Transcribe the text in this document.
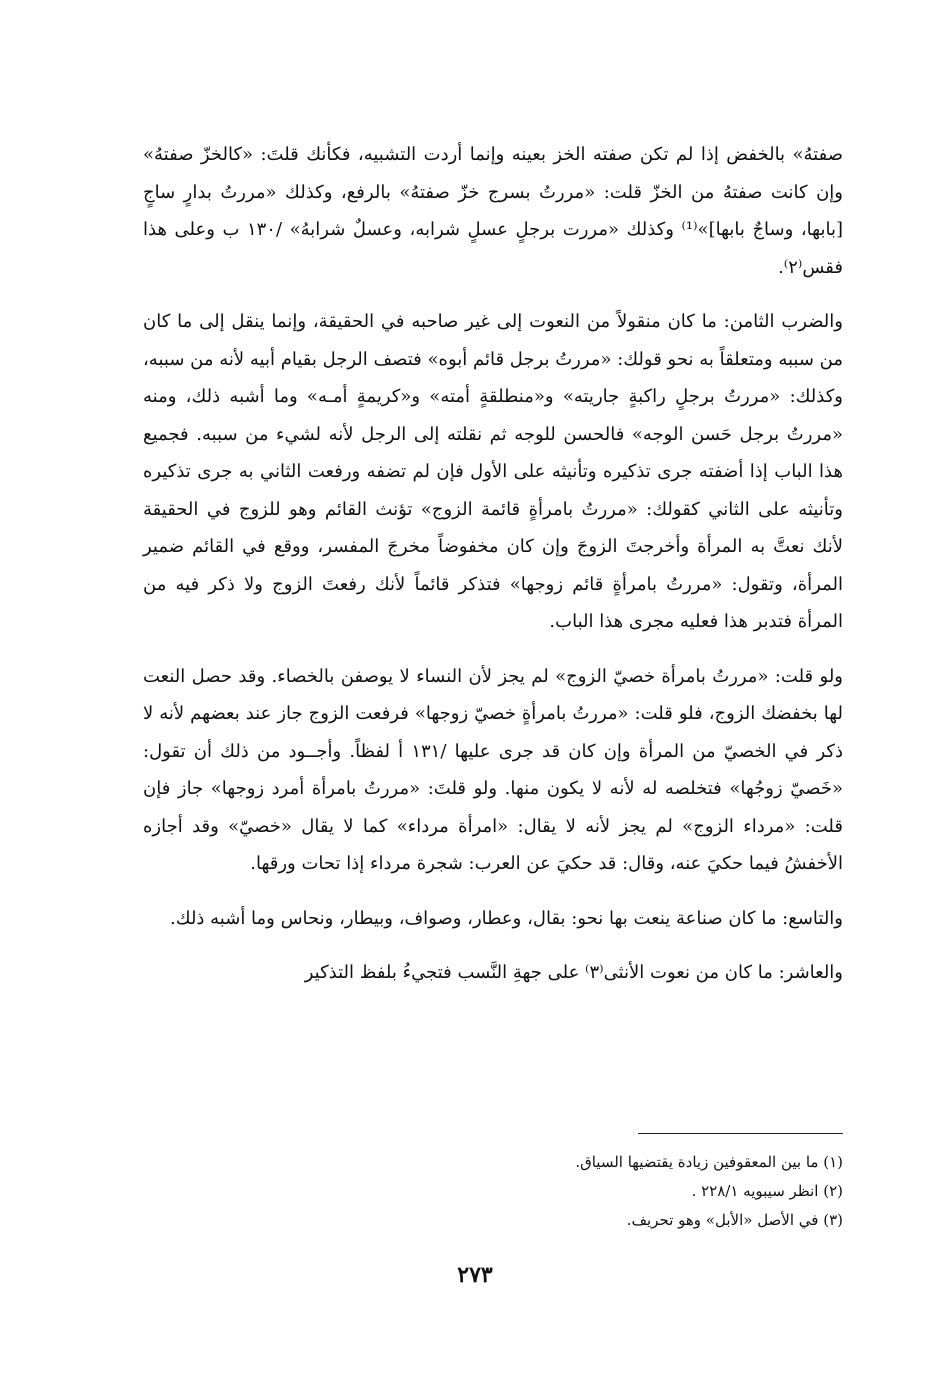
صفتهُ» بالخفض إذا لم تكن صفته الخز بعينه وإنما أردت التشبيه، فكأنك قلتَ: «كالخزّ صفتهُ» وإن كانت صفتهُ من الخزّ قلت: «مررتُ بسرج خزّ صفتهُ» بالرفع، وكذلك «مررتُ بدارٍ ساجٍ [بابها، وساجٌ بابها]»⁽¹⁾ وكذلك «مررت برجلٍ عسلٍ شرابه، وعسلٌ شرابهُ» /١٣٠ ب وعلى هذا فقس⁽٢⁾.

والضرب الثامن: ما كان منقولاً من النعوت إلى غير صاحبه في الحقيقة، وإنما ينقل إلى ما كان من سببه ومتعلقاً به نحو قولك: «مررتُ برجل قائم أبوه» فتصف الرجل بقيام أبيه لأنه من سببه، وكذلك: «مررتُ برجلٍ راكبةٍ جاريته» و«منطلقةٍ أمته» و«كريمةٍ أمـه» وما أشبه ذلك، ومنه «مررتُ برجل حَسن الوجه» فالحسن للوجه ثم نقلته إلى الرجل لأنه لشيء من سببه. فجميع هذا الباب إذا أضفته جرى تذكيره وتأنيثه على الأول فإن لم تضفه ورفعت الثاني به جرى تذكيره وتأنيثه على الثاني كقولك: «مررتُ بامرأةٍ قائمة الزوج» تؤنث القائم وهو للزوج في الحقيقة لأنك نعتَّ به المرأة وأخرجتَ الزوجَ وإن كان مخفوضاً مخرجَ المفسر، ووقع في القائم ضمير المرأة، وتقول: «مررتُ بامرأةٍ قائم زوجها» فتذكر قائماً لأنك رفعتَ الزوج ولا ذكر فيه من المرأة فتدبر هذا فعليه مجرى هذا الباب.

ولو قلت: «مررتُ بامرأة خصيّ الزوج» لم يجز لأن النساء لا يوصفن بالخصاء. وقد حصل النعت لها بخفضك الزوج، فلو قلت: «مررتُ بامرأةٍ خصيّ زوجها» فرفعت الزوج جاز عند بعضهم لأنه لا ذكر في الخصيّ من المرأة وإن كان قد جرى عليها /١٣١ أ لفظاً. وأجــود من ذلك أن تقول: «خَصيّ زوجُها» فتخلصه له لأنه لا يكون منها. ولو قلتَ: «مررتُ بامرأة أمرد زوجها» جاز فإن قلت: «مرداء الزوج» لم يجز لأنه لا يقال: «امرأة مرداء» كما لا يقال «خصيّ» وقد أجازه الأخفشُ فيما حكيَ عنه، وقال: قد حكيَ عن العرب: شجرة مرداء إذا تحات ورقها.

والتاسع: ما كان صناعة ينعت بها نحو: بقال، وعطار، وصواف، وبيطار، ونحاس وما أشبه ذلك.

والعاشر: ما كان من نعوت الأنثى⁽٣⁾ على جهةِ النَّسب فتجيءُ بلفظ التذكير

(١) ما بين المعقوفين زيادة يقتضيها السياق.

(٢) انظر سيبويه ٢٢٨/١ .

(٣) في الأصل «الأبل» وهو تحريف.

٢٧٣
